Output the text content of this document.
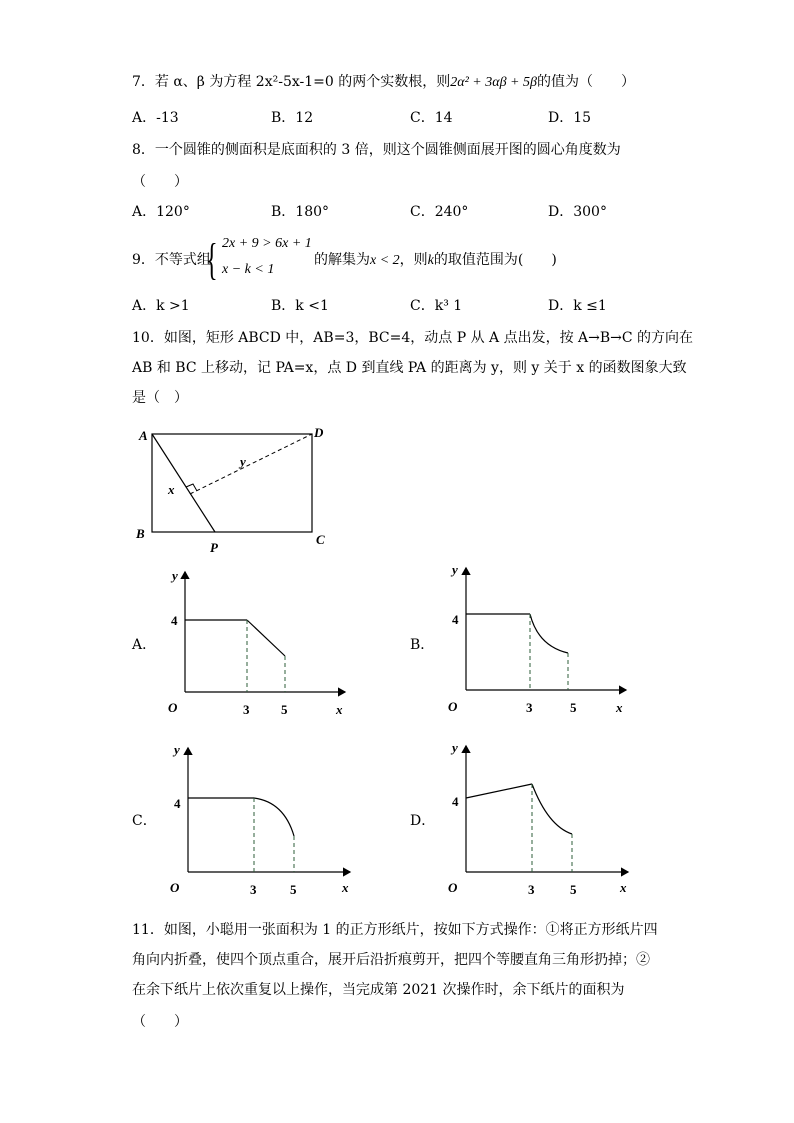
7．若 α、β 为方程 2x²-5x-1=0 的两个实数根，则2α² + 3αβ + 5β的值为（　　）
A．-13	B．12	C．14	D．15
8．一个圆锥的侧面积是底面积的 3 倍，则这个圆锥侧面展开图的圆心角度数为
（　　）
A．120°	B．180°	C．240°	D．300°
9．不等式组
{ 2x + 9 > 6x + 1
x − k < 1
的解集为x < 2，则k的取值范围为(　　)
A．k >1	B．k <1	C．k³ 1	D．k ≤1
10．如图，矩形 ABCD 中，AB=3，BC=4，动点 P 从 A 点出发，按 A→B→C 的方向在
AB 和 BC 上移动，记 PA=x，点 D 到直线 PA 的距离为 y，则 y 关于 x 的函数图象大致
是（　）
A	D
B	C
P
x
y
A．	B．
C．	D．
y
4
O	3 5	x
y
4
O	3	5	x
y
4
O	3	5	x
y
4
O	3	5	x
11．如图，小聪用一张面积为 1 的正方形纸片，按如下方式操作：①将正方形纸片四
角向内折叠，使四个顶点重合，展开后沿折痕剪开，把四个等腰直角三角形扔掉；②
在余下纸片上依次重复以上操作，当完成第 2021 次操作时，余下纸片的面积为
（　　）
